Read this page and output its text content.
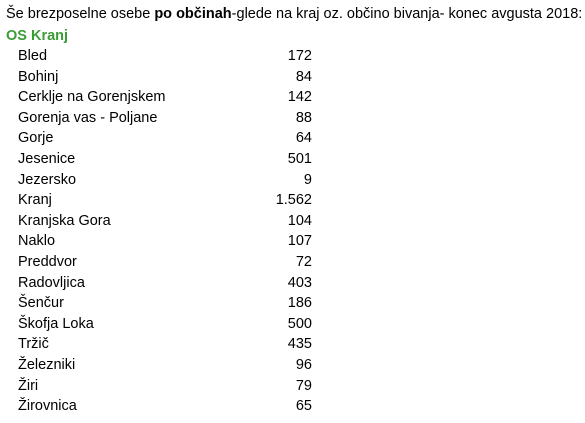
Še brezposelne osebe po občinah-glede na kraj oz. občino bivanja- konec avgusta 2018:
OS Kranj
Bled	172
Bohinj	84
Cerklje na Gorenjskem	142
Gorenja vas - Poljane	88
Gorje	64
Jesenice	501
Jezersko	9
Kranj	1.562
Kranjska Gora	104
Naklo	107
Preddvor	72
Radovljica	403
Šenčur	186
Škofja Loka	500
Tržič	435
Železniki	96
Žiri	79
Žirovnica	65
